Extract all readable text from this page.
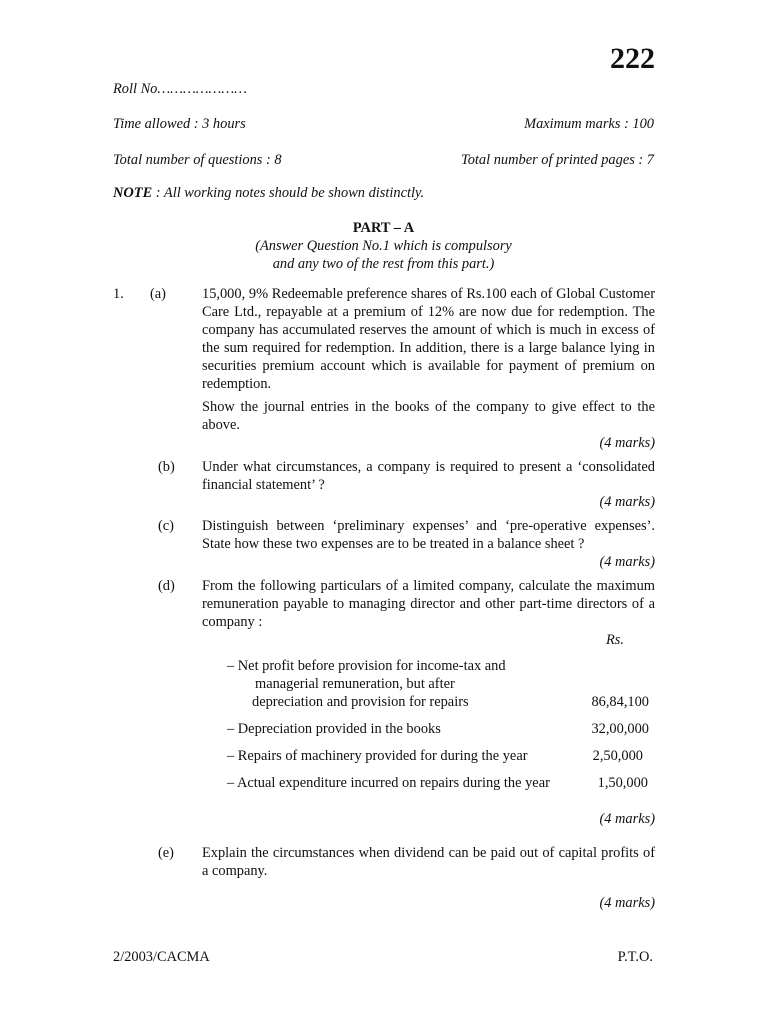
222
Roll No…………………
Time allowed : 3 hours	Maximum marks : 100
Total number of questions : 8	Total number of printed pages : 7
NOTE : All working notes should be shown distinctly.
PART – A
(Answer Question No.1 which is compulsory
and any two of the rest from this part.)
1. (a)	15,000, 9% Redeemable preference shares of Rs.100 each of Global Customer Care Ltd., repayable at a premium of 12% are now due for redemption. The company has accumulated reserves the amount of which is much in excess of the sum required for redemption. In addition, there is a large balance lying in securities premium account which is available for payment of premium on redemption.
Show the journal entries in the books of the company to give effect to the above.
(4 marks)
(b) Under what circumstances, a company is required to present a ‘consolidated financial statement’ ?
(4 marks)
(c) Distinguish between ‘preliminary expenses’ and ‘pre-operative expenses’. State how these two expenses are to be treated in a balance sheet ?
(4 marks)
(d) From the following particulars of a limited company, calculate the maximum remuneration payable to managing director and other part-time directors of a company :
Rs.
– Net profit before provision for income-tax and
managerial remuneration, but after
depreciation and provision for repairs	86,84,100
– Depreciation provided in the books	32,00,000
– Repairs of machinery provided for during the year	2,50,000
– Actual expenditure incurred on repairs during the year	1,50,000
(4 marks)
(e) Explain the circumstances when dividend can be paid out of capital profits of a company.
(4 marks)
2/2003/CACMA	P.T.O.
